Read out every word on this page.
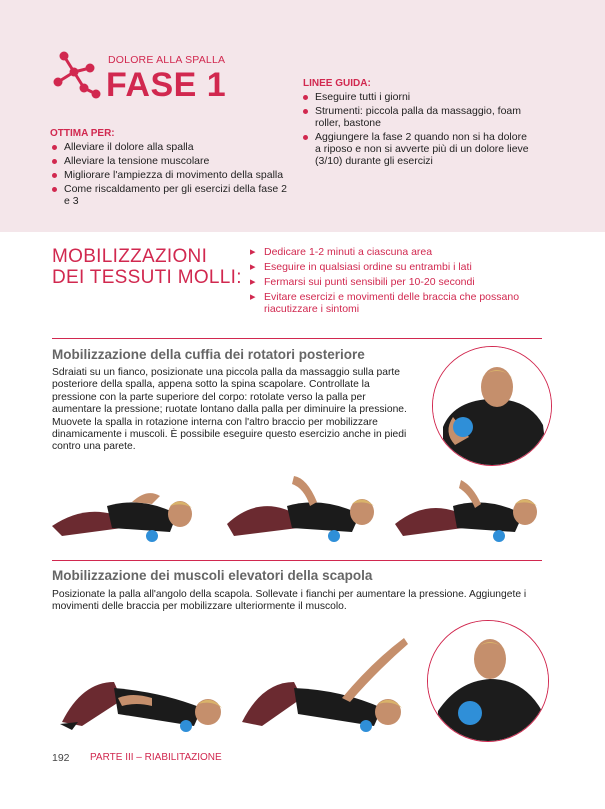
DOLORE ALLA SPALLA
FASE 1
OTTIMA PER:
Alleviare il dolore alla spalla
Alleviare la tensione muscolare
Migliorare l'ampiezza di movimento della spalla
Come riscaldamento per gli esercizi della fase 2 e 3
LINEE GUIDA:
Eseguire tutti i giorni
Strumenti: piccola palla da massaggio, foam roller, bastone
Aggiungere la fase 2 quando non si ha dolore a riposo e non si avverte più di un dolore lieve (3/10) durante gli esercizi
MOBILIZZAZIONI
DEI TESSUTI MOLLI:
▸ Dedicare 1-2 minuti a ciascuna area
▸ Eseguire in qualsiasi ordine su entrambi i lati
▸ Fermarsi sui punti sensibili per 10-20 secondi
▸ Evitare esercizi e movimenti delle braccia che possano riacutizzare i sintomi
Mobilizzazione della cuffia dei rotatori posteriore
Sdraiati su un fianco, posizionate una piccola palla da massaggio sulla parte posteriore della spalla, appena sotto la spina scapolare. Controllate la pressione con la parte superiore del corpo: rotolate verso la palla per aumentare la pressione; ruotate lontano dalla palla per diminuire la pressione. Muovete la spalla in rotazione interna con l'altro braccio per mobilizzare dinamicamente i muscoli. È possibile eseguire questo esercizio anche in piedi contro una parete.
Mobilizzazione dei muscoli elevatori della scapola
Posizionate la palla all'angolo della scapola. Sollevate i fianchi per aumentare la pressione. Aggiungete i movimenti delle braccia per mobilizzare ulteriormente il muscolo.
192 PARTE III – RIABILITAZIONE
